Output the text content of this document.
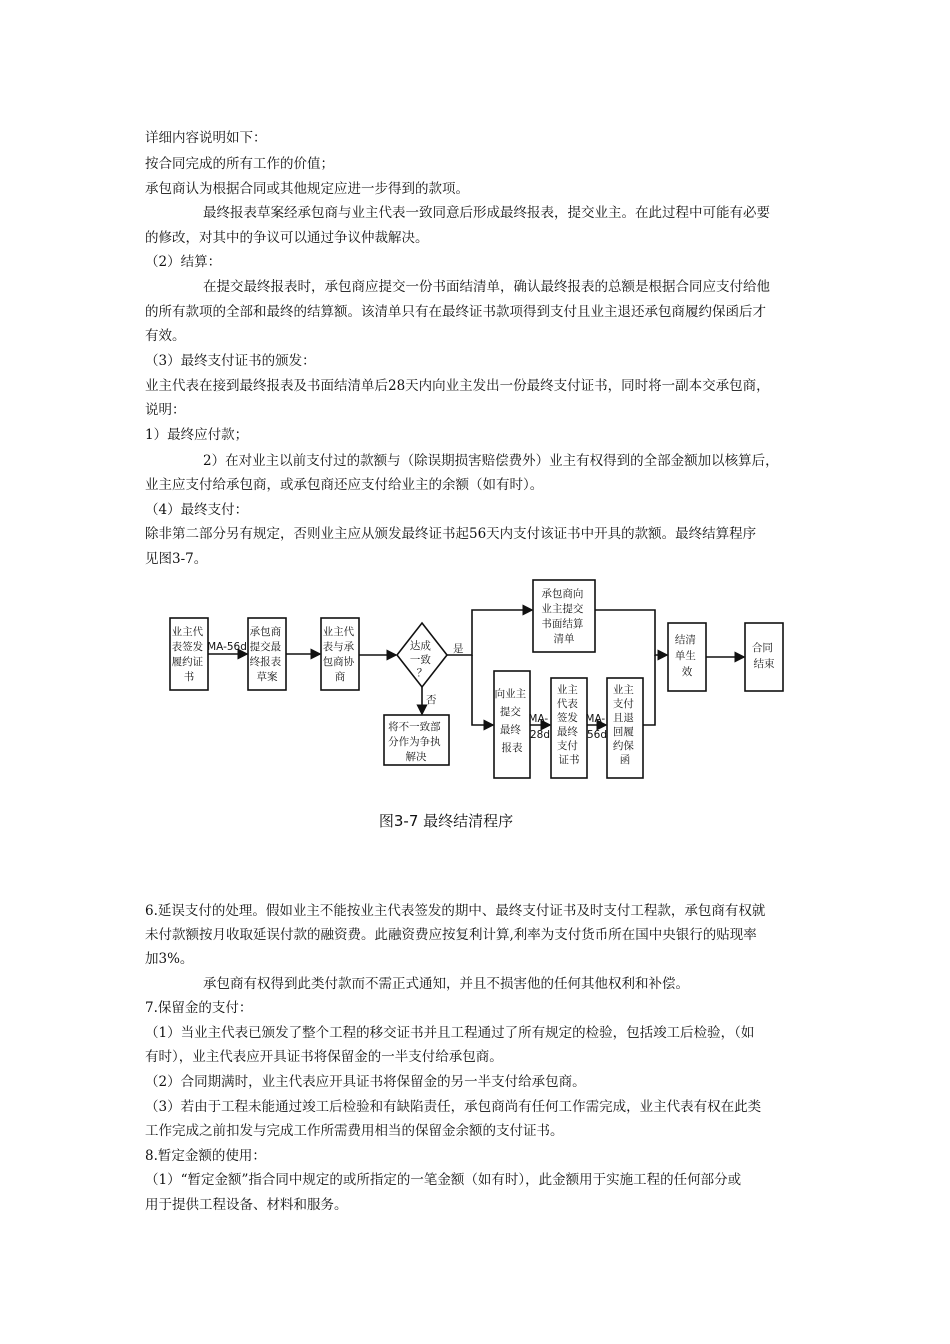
详细内容说明如下：
按合同完成的所有工作的价值；
承包商认为根据合同或其他规定应进一步得到的款项。
最终报表草案经承包商与业主代表一致同意后形成最终报表，提交业主。在此过程中可能有必要
的修改，对其中的争议可以通过争议仲裁解决。
（2）结算：
在提交最终报表时，承包商应提交一份书面结清单，确认最终报表的总额是根据合同应支付给他
的所有款项的全部和最终的结算额。该清单只有在最终证书款项得到支付且业主退还承包商履约保函后才
有效。
（3）最终支付证书的颁发：
业主代表在接到最终报表及书面结清单后28天内向业主发出一份最终支付证书，同时将一副本交承包商，
说明：
1）最终应付款；
2）在对业主以前支付过的款额与（除误期损害赔偿费外）业主有权得到的全部金额加以核算后，
业主应支付给承包商，或承包商还应支付给业主的余额（如有时）。
（4）最终支付：
除非第二部分另有规定，否则业主应从颁发最终证书起56天内支付该证书中开具的款额。最终结算程序
见图3-7。
业主代 表签发 履约证 书
MA-56d
承包商 提交最 终报表 草案
业主代 表与承 包商协 商
达成 一致 ？
是
否
将不一致部 分作为争执 解决
承包商向 业主提交 书面结算 清单
向业主 提交 最终 报表
MA- 28d
业主 代表 签发 最终 支付 证书
MA- 56d
业主 支付 且退 回履 约保 函
结清 单生 效
合同 结束
图3-7 最终结清程序
6.延误支付的处理。假如业主不能按业主代表签发的期中、最终支付证书及时支付工程款，承包商有权就
未付款额按月收取延误付款的融资费。此融资费应按复利计算,利率为支付货币所在国中央银行的贴现率
加3%。
承包商有权得到此类付款而不需正式通知，并且不损害他的任何其他权利和补偿。
7.保留金的支付：
（1）当业主代表已颁发了整个工程的移交证书并且工程通过了所有规定的检验，包括竣工后检验，（如
有时），业主代表应开具证书将保留金的一半支付给承包商。
（2）合同期满时，业主代表应开具证书将保留金的另一半支付给承包商。
（3）若由于工程未能通过竣工后检验和有缺陷责任，承包商尚有任何工作需完成，业主代表有权在此类
工作完成之前扣发与完成工作所需费用相当的保留金余额的支付证书。
8.暂定金额的使用：
（1）“暂定金额”指合同中规定的或所指定的一笔金额（如有时），此金额用于实施工程的任何部分或
用于提供工程设备、材料和服务。
